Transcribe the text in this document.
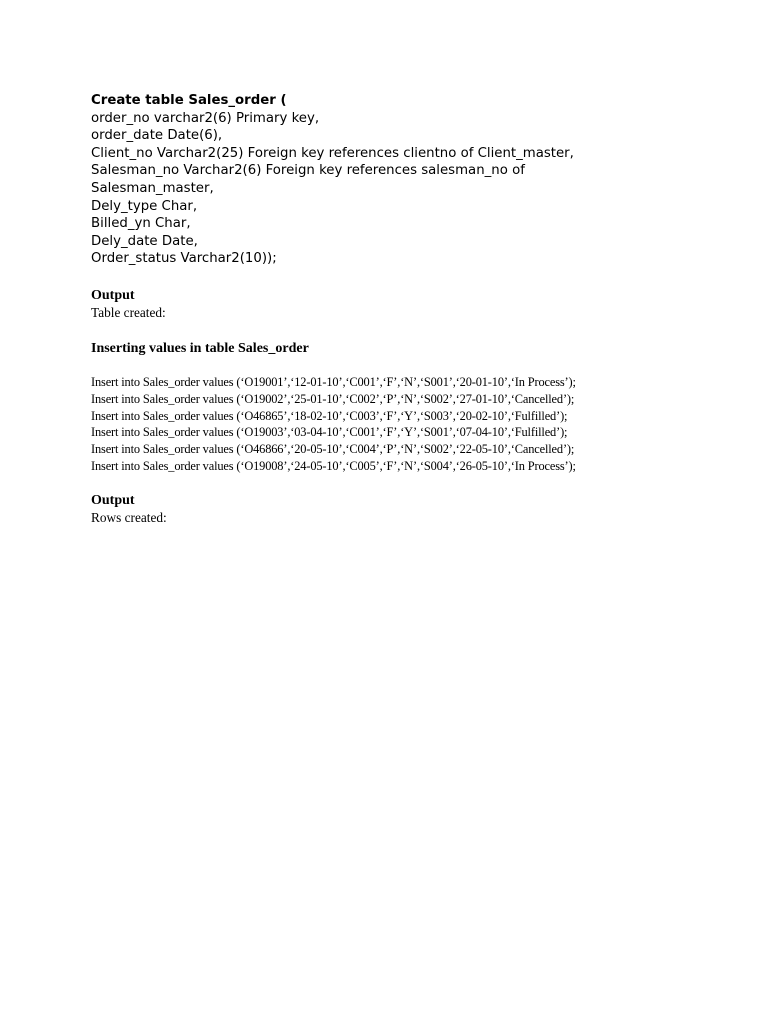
Create table Sales_order (
order_no varchar2(6) Primary key,
order_date Date(6),
Client_no Varchar2(25) Foreign key references clientno of Client_master,
Salesman_no Varchar2(6) Foreign key references salesman_no of
Salesman_master,
Dely_type Char,
Billed_yn Char,
Dely_date Date,
Order_status Varchar2(10));
Output
Table created:
Inserting values in table Sales_order
Insert into Sales_order values (‘O19001’,‘12-01-10’,‘C001’,‘F’,‘N’,‘S001’,‘20-01-10’,‘In Process’);
Insert into Sales_order values (‘O19002’,‘25-01-10’,‘C002’,‘P’,‘N’,‘S002’,‘27-01-10’,‘Cancelled’);
Insert into Sales_order values (‘O46865’,‘18-02-10’,‘C003’,‘F’,‘Y’,‘S003’,‘20-02-10’,‘Fulfilled’);
Insert into Sales_order values (‘O19003’,‘03-04-10’,‘C001’,‘F’,‘Y’,‘S001’,‘07-04-10’,‘Fulfilled’);
Insert into Sales_order values (‘O46866’,‘20-05-10’,‘C004’,‘P’,‘N’,‘S002’,‘22-05-10’,‘Cancelled’);
Insert into Sales_order values (‘O19008’,‘24-05-10’,‘C005’,‘F’,‘N’,‘S004’,‘26-05-10’,‘In Process’);
Output
Rows created:
